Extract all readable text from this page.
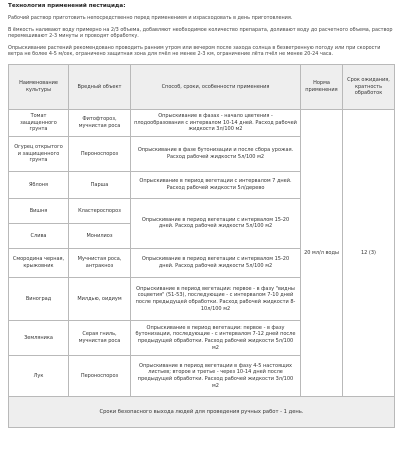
Технология применений пестицида:

Рабочий раствор приготовить непосредственно перед применением и израсходовать в день приготовления.

В ёмкость наливают воду примерно на 2/3 объема, добавляют необходимое количество препарата, доливают воду до расчетного объема, раствор перемешивают 2-3 минуты и проводят обработку.

Опрыскивание растений рекомендовано проводить ранним утром или вечером после захода солнца в безветренную погоду или при скорости ветра не более 4-5 м/сек, ограничено защитная зона для пчёл не менее 2-3 км, ограничение лёта пчёл не менее 20-24 часа.

Наименование культуры	Вредный объект	Способ, сроки, особенности применения	Норма применения	Срок ожидания, кратность обработок
Томат защищенного грунта	Фитофтороз, мучнистая роса	Опрыскивание в фазах - начало цветения - плодообразования с интервалом 10-14 дней. Расход рабочей жидкости 3л/100 м2	20 мл/л воды	12 (3)
Огурец открытого и защищенного грунта	Пероноспороз	Опрыскивание в фазе бутонизации и после сбора урожая. Расход рабочей жидкости 5л/100 м2		
Яблоня	Парша	Опрыскивание в период вегетации с интервалом 7 дней. Расход рабочей жидкости 5л/дерево		
Вишня	Кластероспороз	Опрыскивание в период вегетации с интервалом 15-20 дней. Расход рабочей жидкости 5л/100 м2		
Слива	Монилиоз			
Смородина черная, крыжовник	Мучнистая роса, антракноз	Опрыскивание в период вегетации с интервалом 15-20 дней. Расход рабочей жидкости 5л/100 м2		
Виноград	Милдью, оидиум	Опрыскивание в период вегетации: первое - в фазу "видны соцветия" (51-53), последующие - с интервалом 7-10 дней после предыдущей обработки. Расход рабочей жидкости 8-10л/100 м2		
Земляника	Серая гниль, мучнистая роса	Опрыскивание в период вегетации: первое - в фазу бутонизации, последующие - с интервалом 7-12 дней после предыдущей обработки. Расход рабочей жидкости 5л/100 м2		
Лук	Пероноспороз	Опрыскивание в период вегетации в фазу 4-5 настоящих листьев; второе и третье - через 10-14 дней после предыдущей обработки. Расход рабочей жидкости 3л/100 м2		
Сроки безопасного выхода людей для проведения ручных работ - 1 день.				
